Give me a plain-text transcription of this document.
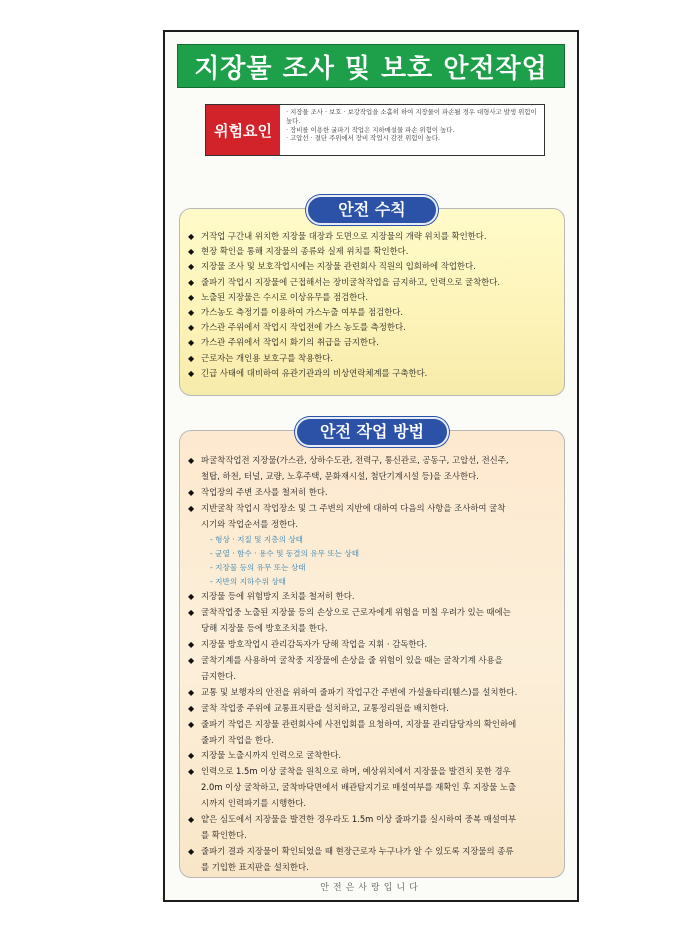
지장물 조사 및 보호 안전작업
위험요인
· 지장물 조사 · 보호 · 보강작업을 소홀히 하여 지장물이 파손될 경우 대형사고 발생 위험이 높다.
· 장비를 이용한 굴파기 작업은 지하매설물 파손 위험이 높다.
· 고압선 · 절단 주위에서 장비 작업시 감전 위험이 높다.
안전 수칙
◆ 거작업 구간내 위치한 지장물 대장과 도면으로 지장물의 개략 위치를 확인한다.
◆ 현장 확인을 통해 지장물의 종류와 실제 위치를 확인한다.
◆ 지장물 조사 및 보호작업시에는 지장물 관련회사 직원의 입회하에 작업한다.
◆ 줄파기 작업시 지장물에 근접해서는 장비굴착작업을 금지하고, 인력으로 굴착한다.
◆ 노출된 지장물은 수시로 이상유무를 점검한다.
◆ 가스농도 측정기를 이용하여 가스누출 여부를 점검한다.
◆ 가스관 주위에서 작업시 작업전에 가스 농도를 측정한다.
◆ 가스관 주위에서 작업시 화기의 취급을 금지한다.
◆ 근로자는 개인용 보호구를 착용한다.
◆ 긴급 사태에 대비하여 유관기관과의 비상연락체계를 구축한다.
안전 작업 방법
◆ 파굴착작업전 지장물(가스관, 상하수도관, 전력구, 통신관로, 공동구, 고압선, 전신주,
철탑, 하천, 터널, 교량, 노후주택, 문화재시설, 첨단기계시설 등)을 조사한다.
◆ 작업장의 주변 조사를 철저히 한다.
◆ 지반굴착 작업시 작업장소 및 그 주변의 지반에 대하여 다음의 사항을 조사하여 굴착
시기와 작업순서를 정한다.
- 형상 · 지질 및 지층의 상태
- 균열 · 함수 · 용수 및 동결의 유무 또는 상태
- 지장물 등의 유무 또는 상태
- 지반의 지하수위 상태
◆ 지장물 등에 위험방지 조치를 철저히 한다.
◆ 굴착작업중 노출된 지장물 등의 손상으로 근로자에게 위험을 미칠 우려가 있는 때에는
당해 지장물 등에 방호조치를 한다.
◆ 지장물 방호작업시 관리감독자가 당해 작업을 지휘 · 감독한다.
◆ 굴착기계를 사용하여 굴착중 지장물에 손상을 줄 위험이 있을 때는 굴착기계 사용을
금지한다.
◆ 교통 및 보행자의 안전을 위하여 줄파기 작업구간 주변에 가설울타리(휀스)를 설치한다.
◆ 굴착 작업중 주위에 교통표지판을 설치하고, 교통정리원을 배치한다.
◆ 줄파기 작업은 지장물 관련회사에 사전입회를 요청하여, 지장물 관리담당자의 확인하에
줄파기 작업을 한다.
◆ 지장물 노출시까지 인력으로 굴착한다.
◆ 인력으로 1.5m 이상 굴착을 원칙으로 하며, 예상위치에서 지장물을 발견치 못한 경우
2.0m 이상 굴착하고, 굴착바닥면에서 배관탐지기로 매설여부를 재확인 후 지장물 노출
시까지 인력파기를 시행한다.
◆ 얕은 심도에서 지장물을 발견한 경우라도 1.5m 이상 줄파기를 실시하여 중복 매설여부
를 확인한다.
◆ 줄파기 결과 지장물이 확인되었을 때 현장근로자 누구나가 알 수 있도록 지장물의 종류
를 기입한 표지판을 설치한다.
안전은사랑입니다
